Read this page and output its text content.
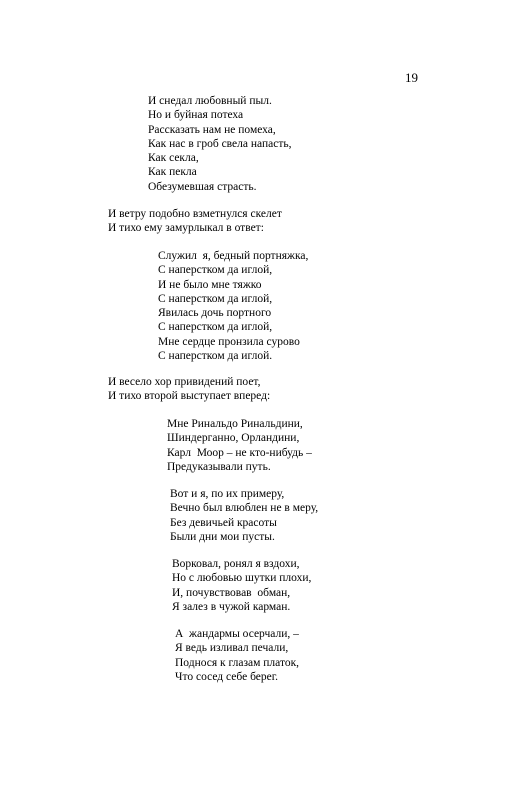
19
И снедал любовный пыл.
Но и буйная потеха
Рассказать нам не помеха,
Как нас в гроб свела напасть,
Как секла,
Как пекла
Обезумевшая страсть.
И ветру подобно взметнулся скелет
И тихо ему замурлыкал в ответ:
Служил  я, бедный портняжка,
С наперстком да иглой,
И не было мне тяжко
С наперстком да иглой,
Явилась дочь портного
С наперстком да иглой,
Мне сердце пронзила сурово
С наперстком да иглой.
И весело хор привидений поет,
И тихо второй выступает вперед:
Мне Ринальдо Ринальдини,
Шиндерганно, Орландини,
Карл  Моор – не кто-нибудь –
Предуказывали путь.
Вот и я, по их примеру,
Вечно был влюблен не в меру,
Без девичьей красоты
Были дни мои пусты.
Ворковал, ронял я вздохи,
Но с любовью шутки плохи,
И, почувствовав  обман,
Я залез в чужой карман.
А  жандармы осерчали, –
Я ведь изливал печали,
Поднося к глазам платок,
Что сосед себе берег.
